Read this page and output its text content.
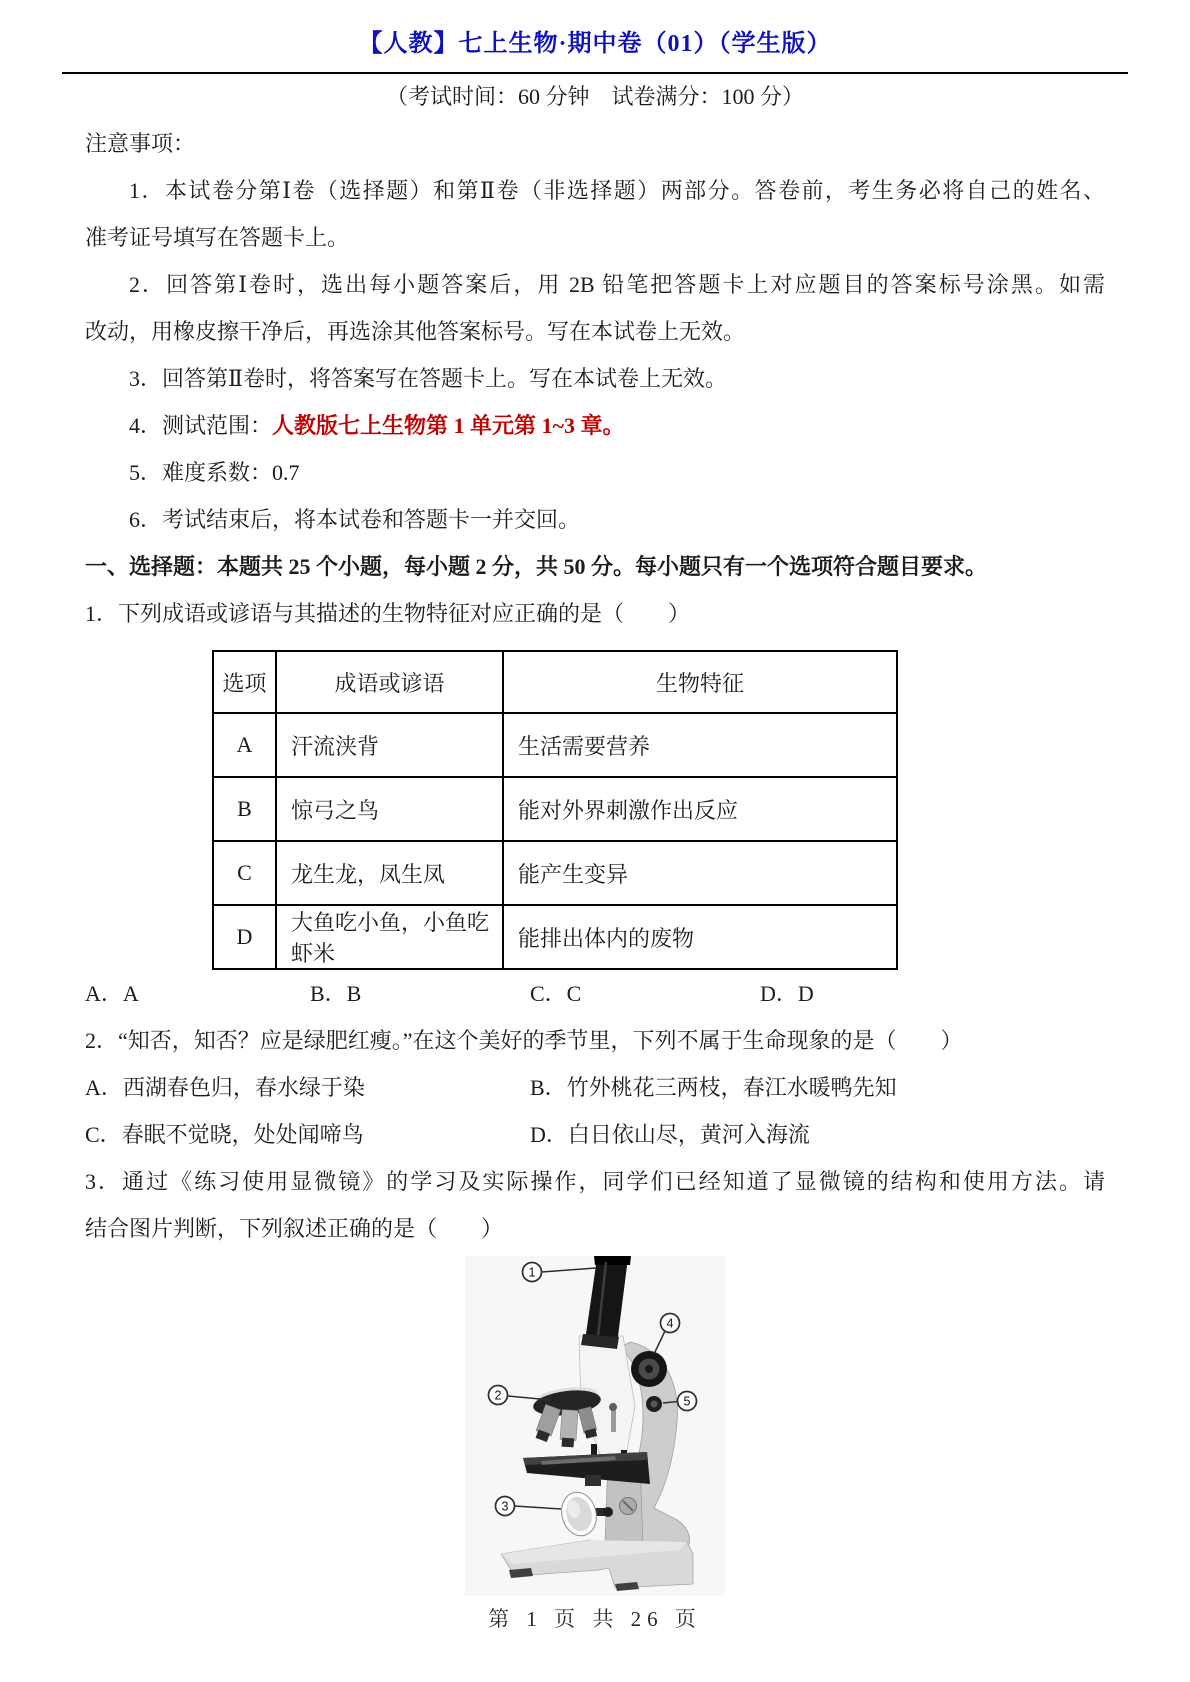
【人教】七上生物·期中卷（01）（学生版）

（考试时间：60 分钟　试卷满分：100 分）

注意事项：

1．本试卷分第Ⅰ卷（选择题）和第Ⅱ卷（非选择题）两部分。答卷前，考生务必将自己的姓名、
准考证号填写在答题卡上。
2．回答第Ⅰ卷时，选出每小题答案后，用 2B 铅笔把答题卡上对应题目的答案标号涂黑。如需
改动，用橡皮擦干净后，再选涂其他答案标号。写在本试卷上无效。

3．回答第Ⅱ卷时，将答案写在答题卡上。写在本试卷上无效。

4．测试范围：人教版七上生物第 1 单元第 1~3 章。

5．难度系数：0.7

6．考试结束后，将本试卷和答题卡一并交回。

一、选择题：本题共 25 个小题，每小题 2 分，共 50 分。每小题只有一个选项符合题目要求。

1．下列成语或谚语与其描述的生物特征对应正确的是（　　）

选项	成语或谚语	生物特征
A	汗流浃背	生活需要营养
B	惊弓之鸟	能对外界刺激作出反应
C	龙生龙，凤生凤	能产生变异
D	大鱼吃小鱼，小鱼吃虾米	能排出体内的废物
A．A	B．B	C．C	D．D

2．“知否，知否？应是绿肥红瘦。”在这个美好的季节里，下列不属于生命现象的是（　　）

A．西湖春色归，春水绿于染	B．竹外桃花三两枝，春江水暖鸭先知
C．春眠不觉晓，处处闻啼鸟	D．白日依山尽，黄河入海流
3．通过《练习使用显微镜》的学习及实际操作，同学们已经知道了显微镜的结构和使用方法。请
结合图片判断，下列叙述正确的是（　　）
1
2
3
4
5
第 1 页 共 26 页
